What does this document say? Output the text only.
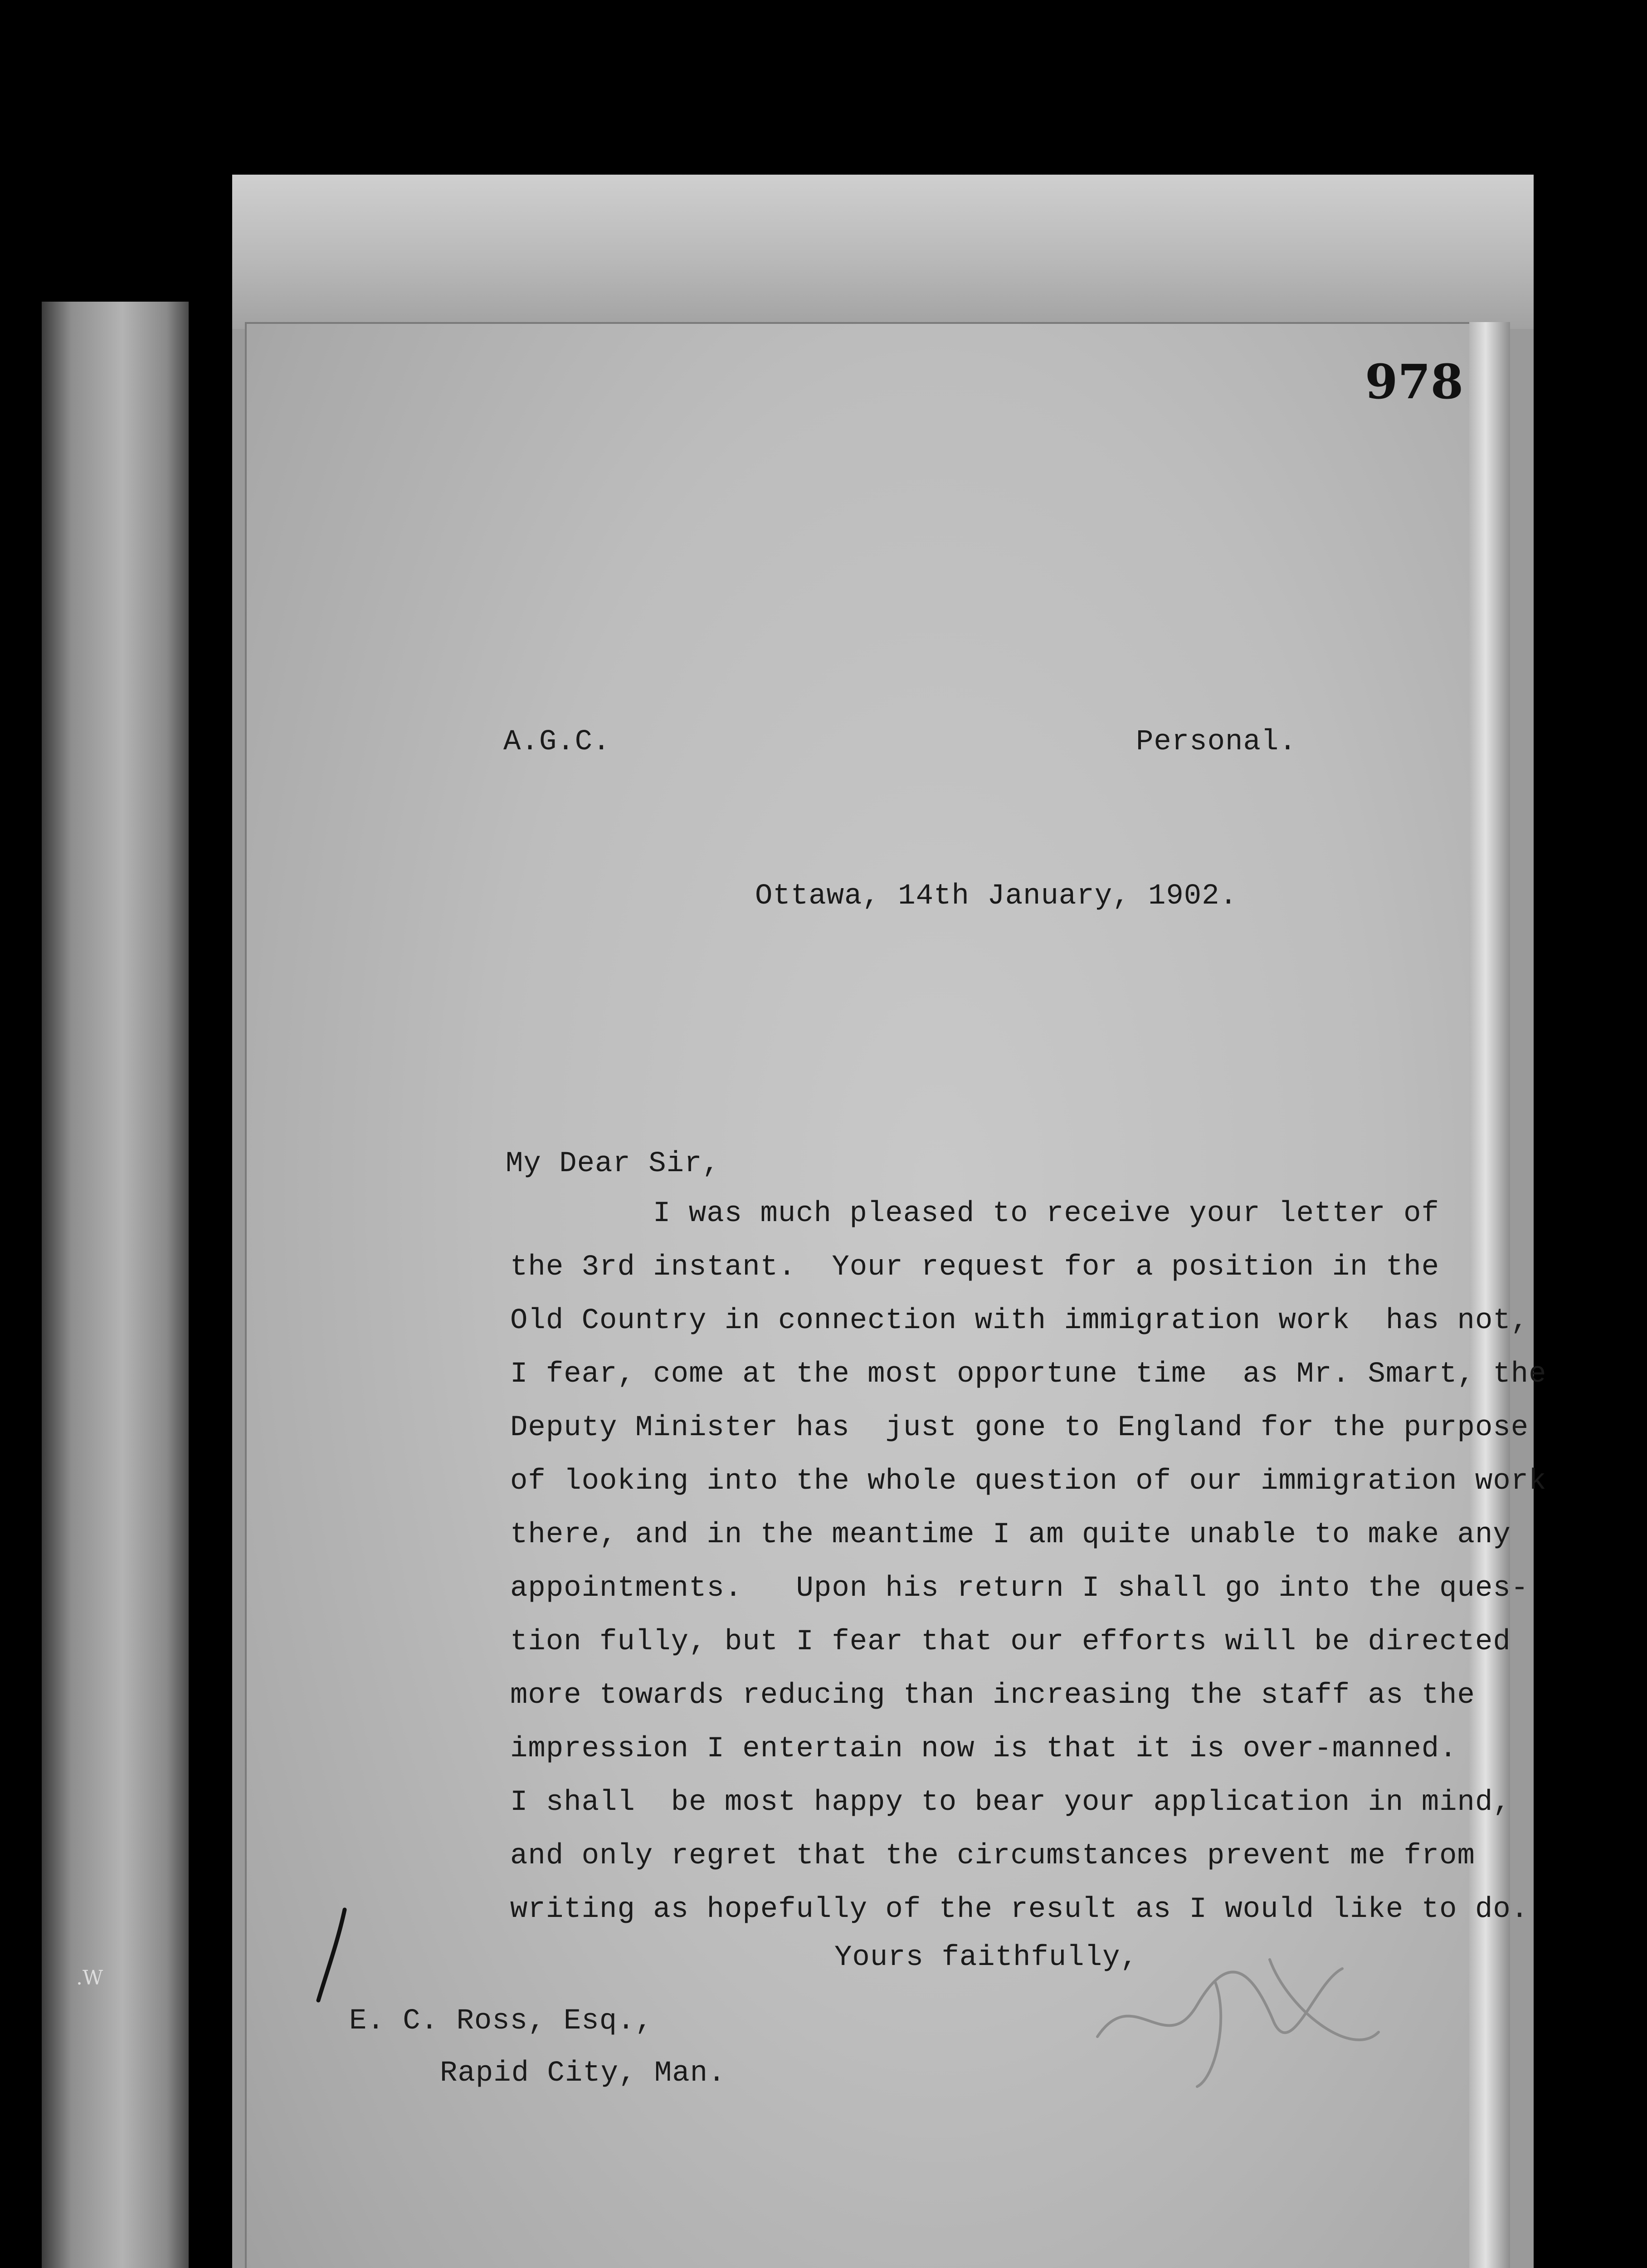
.W
978
A.G.C.	Personal.
Ottawa, 14th January, 1902.
My Dear Sir,
I was much pleased to receive your letter of
the 3rd instant.  Your request for a position in the
Old Country in connection with immigration work  has not,
I fear, come at the most opportune time  as Mr. Smart, the
Deputy Minister has  just gone to England for the purpose
of looking into the whole question of our immigration work
there, and in the meantime I am quite unable to make any
appointments.   Upon his return I shall go into the ques-
tion fully, but I fear that our efforts will be directed
more towards reducing than increasing the staff as the
impression I entertain now is that it is over-manned.
I shall  be most happy to bear your application in mind,
and only regret that the circumstances prevent me from
writing as hopefully of the result as I would like to do.
Yours faithfully,
E. C. Ross, Esq.,
Rapid City, Man.
